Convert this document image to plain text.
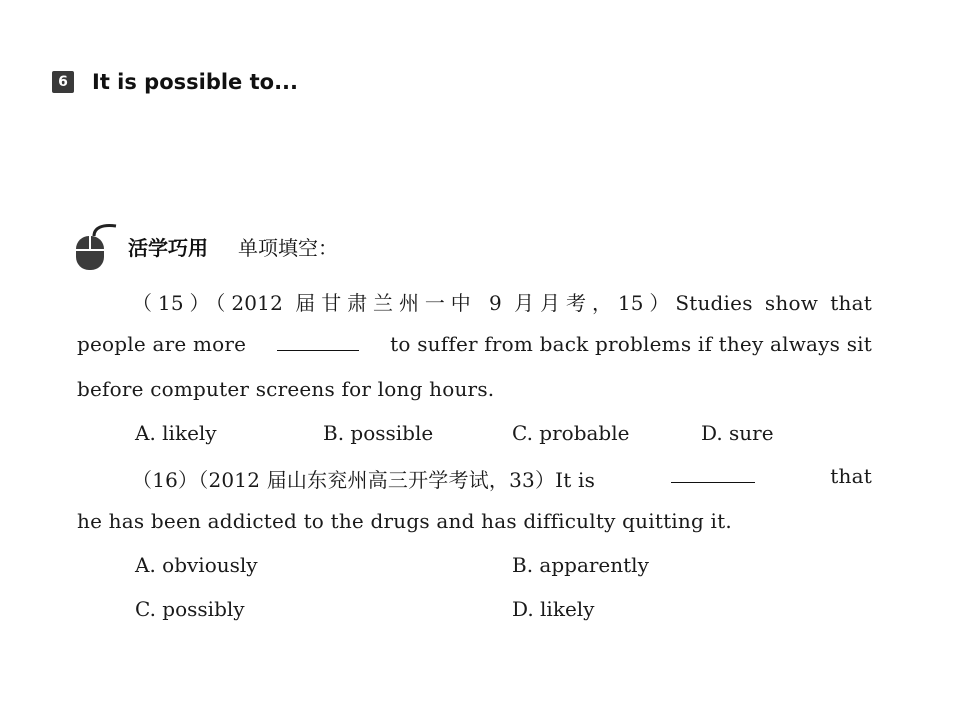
6 It is possible to...
活学巧用 单项填空：
（15）（2012 届甘肃兰州一中 9 月月考，15）Studies show that
people are more	to suffer from back problems if they always sit
before computer screens for long hours.
A. likely	B. possible	C. probable	D. sure
（16）（2012 届山东兖州高三开学考试，33）It is	that
he has been addicted to the drugs and has difficulty quitting it.
A. obviously	B. apparently
C. possibly	D. likely
